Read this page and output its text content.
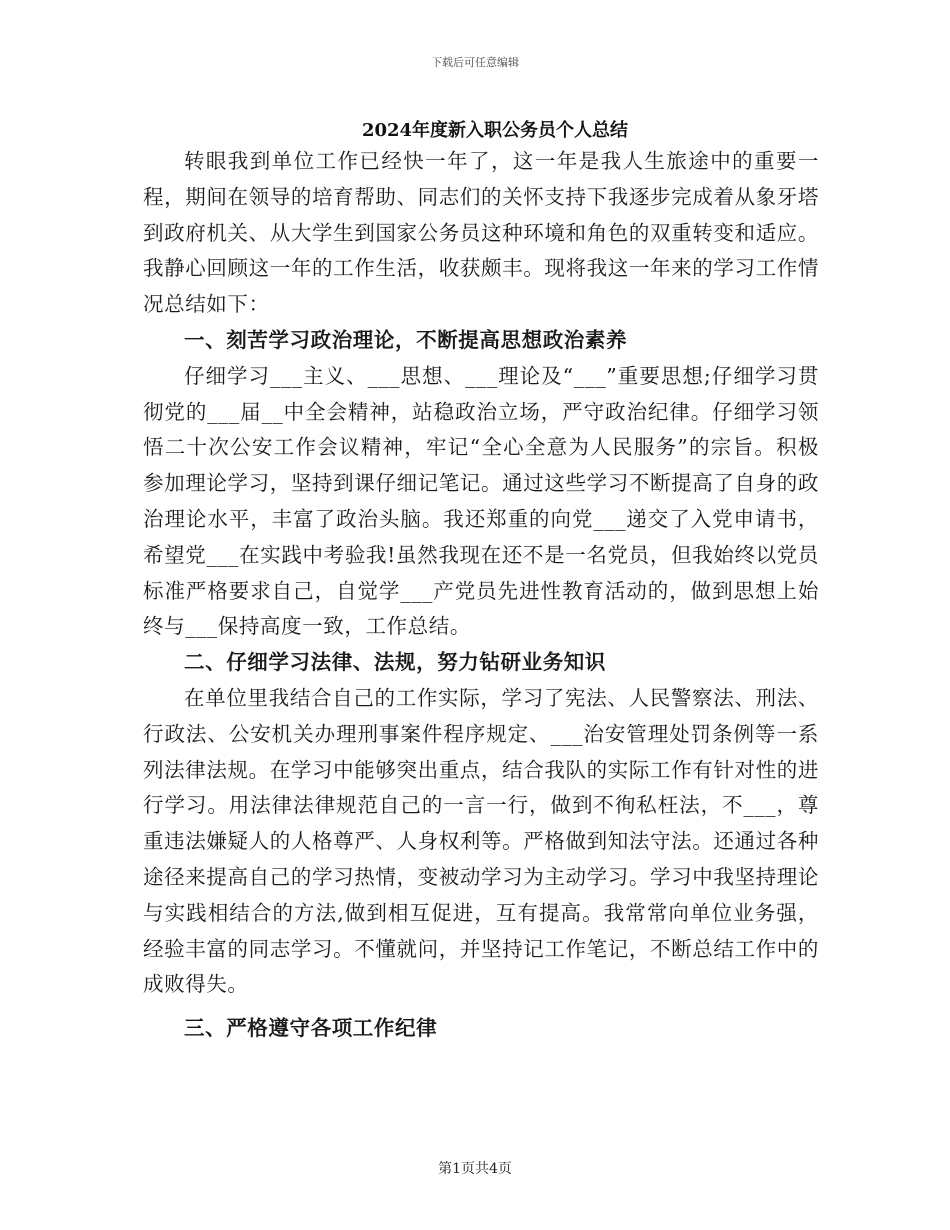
下载后可任意编辑
2024年度新入职公务员个人总结

转眼我到单位工作已经快一年了，这一年是我人生旅途中的重要一程，期间在领导的培育帮助、同志们的关怀支持下我逐步完成着从象牙塔到政府机关、从大学生到国家公务员这种环境和角色的双重转变和适应。我静心回顾这一年的工作生活，收获颇丰。现将我这一年来的学习工作情况总结如下：

一、刻苦学习政治理论，不断提高思想政治素养

仔细学习___主义、___思想、___理论及“___”重要思想;仔细学习贯彻党的___届__中全会精神，站稳政治立场，严守政治纪律。仔细学习领悟二十次公安工作会议精神，牢记“全心全意为人民服务”的宗旨。积极参加理论学习，坚持到课仔细记笔记。通过这些学习不断提高了自身的政治理论水平，丰富了政治头脑。我还郑重的向党___递交了入党申请书，希望党___在实践中考验我!虽然我现在还不是一名党员，但我始终以党员标准严格要求自己，自觉学___产党员先进性教育活动的，做到思想上始终与___保持高度一致，工作总结。

二、仔细学习法律、法规，努力钻研业务知识

在单位里我结合自己的工作实际，学习了宪法、人民警察法、刑法、行政法、公安机关办理刑事案件程序规定、___治安管理处罚条例等一系列法律法规。在学习中能够突出重点，结合我队的实际工作有针对性的进行学习。用法律法律规范自己的一言一行，做到不徇私枉法，不___，尊重违法嫌疑人的人格尊严、人身权利等。严格做到知法守法。还通过各种途径来提高自己的学习热情，变被动学习为主动学习。学习中我坚持理论与实践相结合的方法,做到相互促进，互有提高。我常常向单位业务强，经验丰富的同志学习。不懂就问，并坚持记工作笔记，不断总结工作中的成败得失。

三、严格遵守各项工作纪律

第1页共4页
